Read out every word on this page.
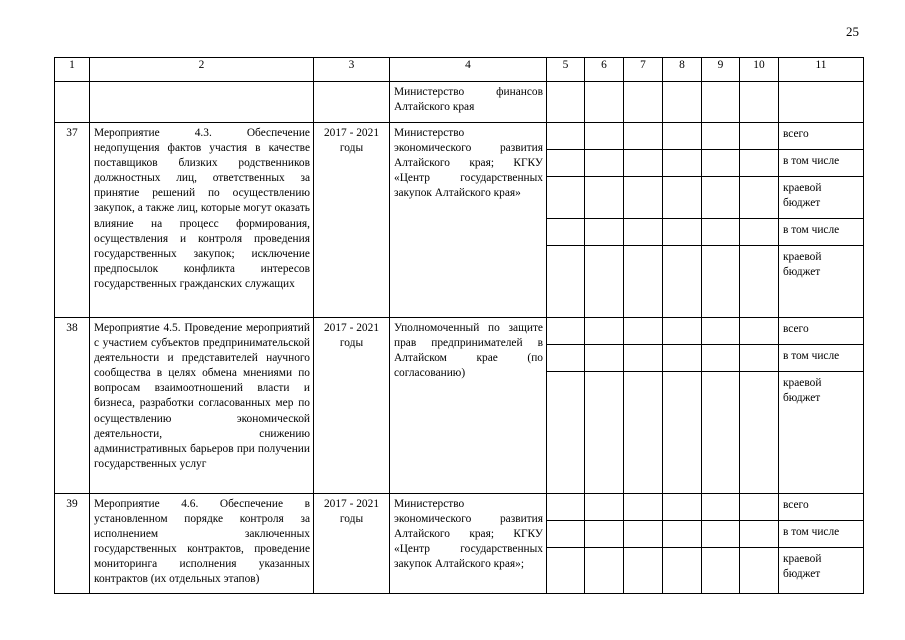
25
1	2	3	4	5	6	7	8	9	10	11
			Министерство финансов Алтайского края							
37	Мероприятие 4.3. Обеспечение недопущения фактов участия в качестве поставщиков близких родственников должностных лиц, ответственных за принятие решений по осуществлению закупок, а также лиц, которые могут оказать влияние на процесс формирования, осуществления и контроля проведения государственных закупок; исключение предпосылок конфликта интересов государственных гражданских служащих	2017 - 2021 годы	Министерство экономического развития Алтайского края; КГКУ «Центр государственных закупок Алтайского края»							всего
										в том числе
										краевой бюджет
										в том числе
										краевой бюджет
38	Мероприятие 4.5. Проведение мероприятий с участием субъектов предпринимательской деятельности и представителей научного сообщества в целях обмена мнениями по вопросам взаимоотношений власти и бизнеса, разработки согласованных мер по осуществлению экономической деятельности, снижению административных барьеров при получении государственных услуг	2017 - 2021 годы	Уполномоченный по защите прав предпринимателей в Алтайском крае (по согласованию)							всего
										в том числе
										краевой бюджет
39	Мероприятие 4.6. Обеспечение в установленном порядке контроля за исполнением заключенных государственных контрактов, проведение мониторинга исполнения указанных контрактов (их отдельных этапов)	2017 - 2021 годы	Министерство экономического развития Алтайского края; КГКУ «Центр государственных закупок Алтайского края»;							всего
										в том числе
										краевой бюджет
